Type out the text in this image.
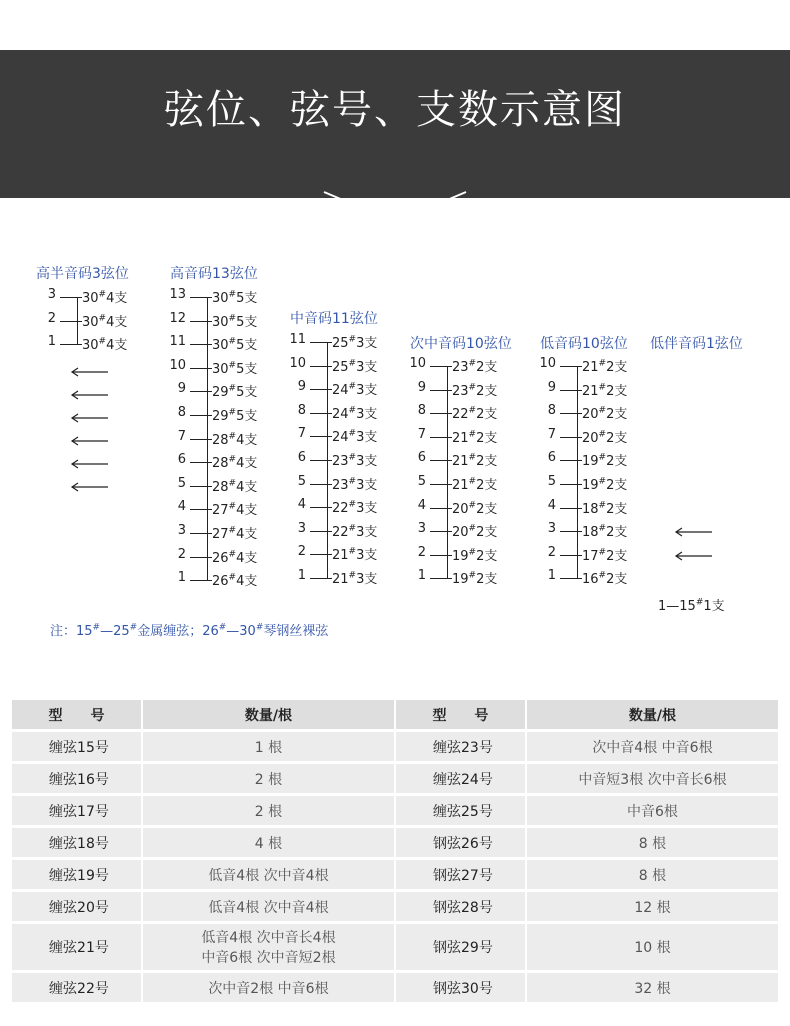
弦位、弦号、支数示意图
注：15#—25#金属缠弦；26#—30#琴钢丝裸弦
1—15#1支
高半音码3弦位
3 30#4支
2 30#4支
1 30#4支
高音码13弦位
13 30#5支
12 30#5支
11 30#5支
10 30#5支
9 29#5支
8 29#5支
7 28#4支
6 28#4支
5 28#4支
4 27#4支
3 27#4支
2 26#4支
1 26#4支
中音码11弦位
11 25#3支
10 25#3支
9 24#3支
8 24#3支
7 24#3支
6 23#3支
5 23#3支
4 22#3支
3 22#3支
2 21#3支
1 21#3支
次中音码10弦位
10 23#2支
9 23#2支
8 22#2支
7 21#2支
6 21#2支
5 21#2支
4 20#2支
3 20#2支
2 19#2支
1 19#2支
低音码10弦位
10 21#2支
9 21#2支
8 20#2支
7 20#2支
6 19#2支
5 19#2支
4 18#2支
3 18#2支
2 17#2支
1 16#2支
低伴音码1弦位
型　　号	数量/根	型　　号	数量/根
缠弦15号	1 根	缠弦23号	次中音4根 中音6根
缠弦16号	2 根	缠弦24号	中音短3根 次中音长6根
缠弦17号	2 根	缠弦25号	中音6根
缠弦18号	4 根	钢弦26号	8 根
缠弦19号	低音4根 次中音4根	钢弦27号	8 根
缠弦20号	低音4根 次中音4根	钢弦28号	12 根
缠弦21号	低音4根 次中音长4根
中音6根 次中音短2根	钢弦29号	10 根
缠弦22号	次中音2根 中音6根	钢弦30号	32 根
